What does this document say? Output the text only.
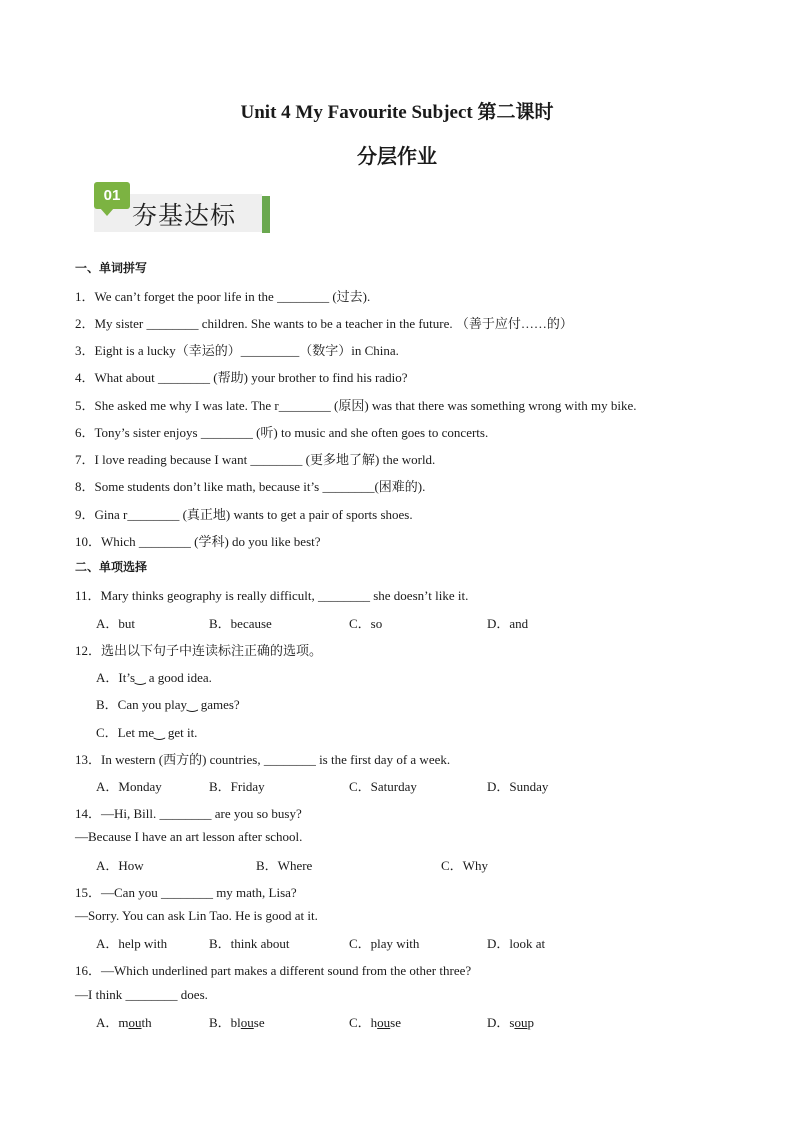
Unit 4 My Favourite Subject 第二课时
分层作业
01
夯基达标
一、单词拼写
1．We can’t forget the poor life in the ________ (过去).
2．My sister ________ children. She wants to be a teacher in the future. （善于应付……的）
3．Eight is a lucky（幸运的）_________（数字）in China.
4．What about ________ (帮助) your brother to find his radio?
5．She asked me why I was late. The r________ (原因) was that there was something wrong with my bike.
6．Tony’s sister enjoys ________ (听) to music and she often goes to concerts.
7．I love reading because I want ________ (更多地了解) the world.
8．Some students don’t like math, because it’s ________(困难的).
9．Gina r________ (真正地) wants to get a pair of sports shoes.
10．Which ________ (学科) do you like best?
二、单项选择
11．Mary thinks geography is really difficult, ________ she doesn’t like it.
A．but	B．because	C．so	D．and
12．选出以下句子中连读标注正确的选项。
A．It’s‿ a good idea.
B．Can you play‿ games?
C．Let me‿ get it.
13．In western (西方的) countries, ________ is the first day of a week.
A．Monday	B．Friday	C．Saturday	D．Sunday
14．—Hi, Bill. ________ are you so busy?
—Because I have an art lesson after school.
A．How	B．Where	C．Why
15．—Can you ________ my math, Lisa?
—Sorry. You can ask Lin Tao. He is good at it.
A．help with	B．think about	C．play with	D．look at
16．—Which underlined part makes a different sound from the other three?
—I think ________ does.
A．mouth	B．blouse	C．house	D．soup
